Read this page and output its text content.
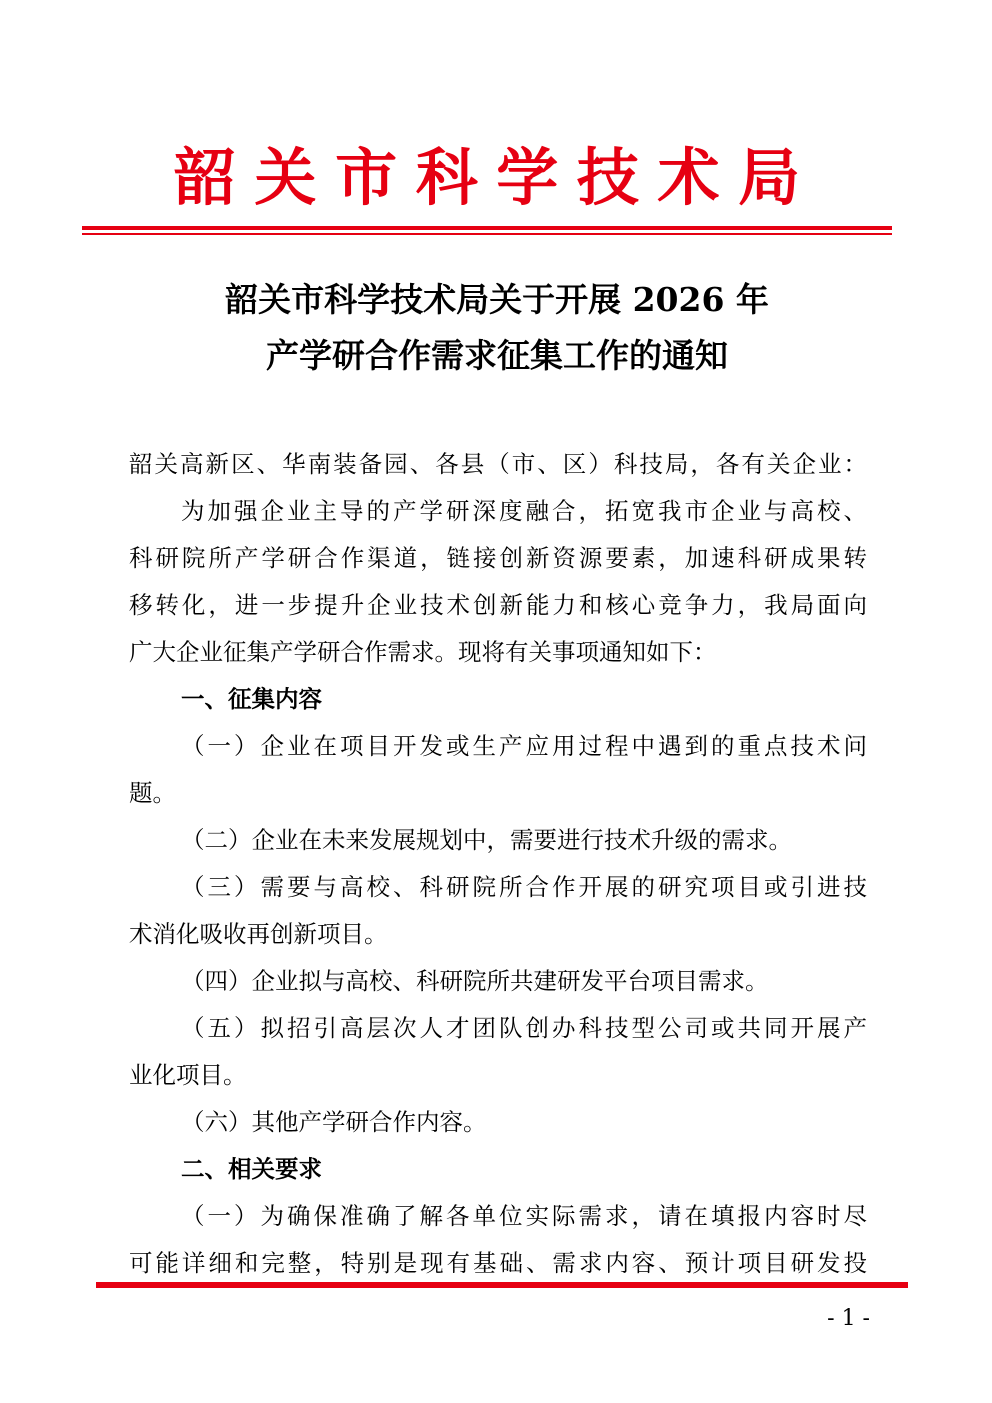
韶关市科学技术局
韶关市科学技术局关于开展 2026 年
产学研合作需求征集工作的通知
韶关高新区、华南装备园、各县（市、区）科技局，各有关企业：
为加强企业主导的产学研深度融合，拓宽我市企业与高校、
科研院所产学研合作渠道，链接创新资源要素，加速科研成果转
移转化，进一步提升企业技术创新能力和核心竞争力，我局面向
广大企业征集产学研合作需求。现将有关事项通知如下：
一、征集内容
（一）企业在项目开发或生产应用过程中遇到的重点技术问
题。
（二）企业在未来发展规划中，需要进行技术升级的需求。
（三）需要与高校、科研院所合作开展的研究项目或引进技
术消化吸收再创新项目。
（四）企业拟与高校、科研院所共建研发平台项目需求。
（五）拟招引高层次人才团队创办科技型公司或共同开展产
业化项目。
（六）其他产学研合作内容。
二、相关要求
（一）为确保准确了解各单位实际需求，请在填报内容时尽
可能详细和完整，特别是现有基础、需求内容、预计项目研发投
- 1 -
